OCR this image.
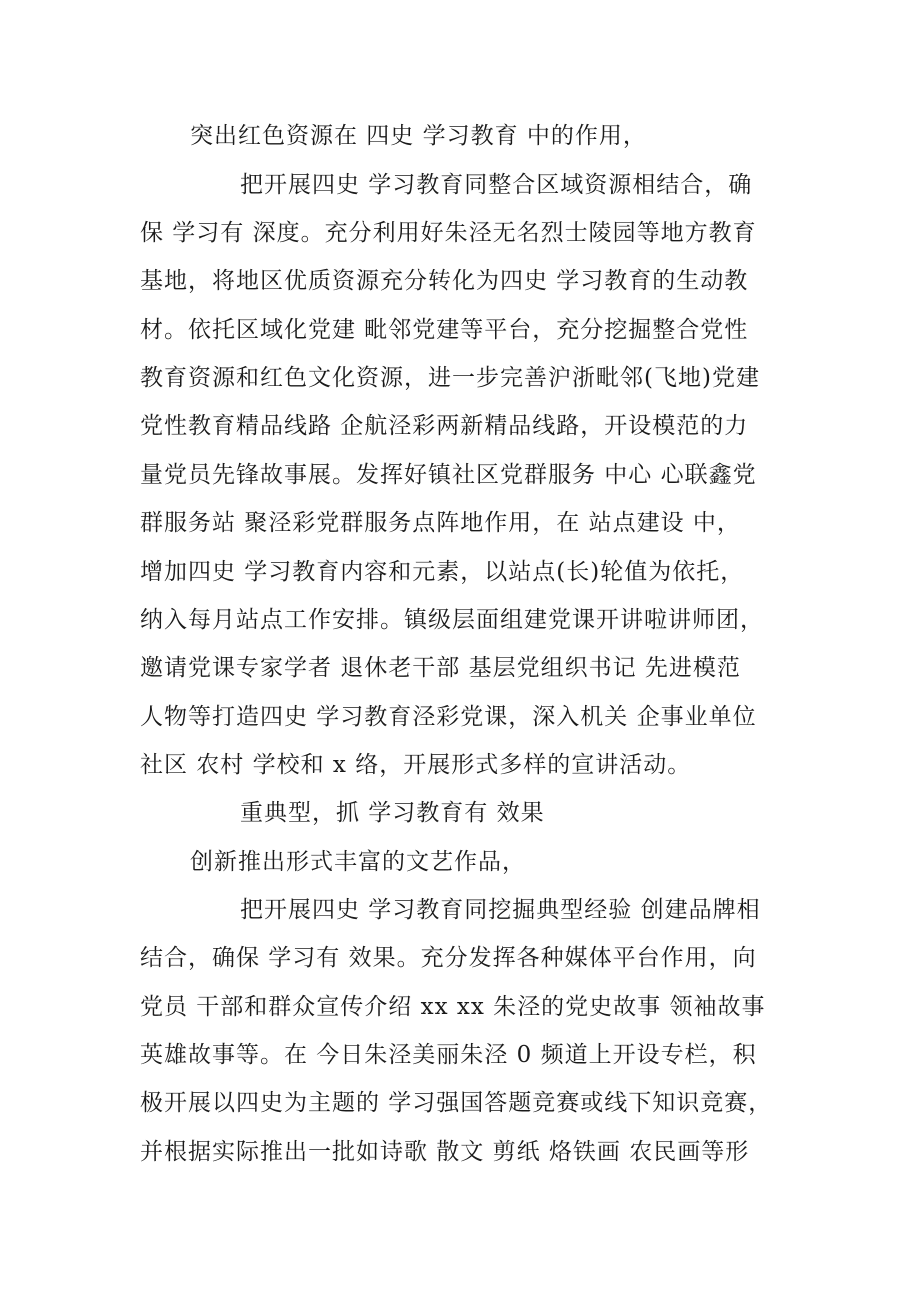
突出红色资源在 四史 学习教育 中的作用，
把开展四史 学习教育同整合区域资源相结合，确
保 学习有 深度。充分利用好朱泾无名烈士陵园等地方教育
基地，将地区优质资源充分转化为四史 学习教育的生动教
材。依托区域化党建 毗邻党建等平台，充分挖掘整合党性
教育资源和红色文化资源，进一步完善沪浙毗邻(飞地)党建
党性教育精品线路 企航泾彩两新精品线路，开设模范的力
量党员先锋故事展。发挥好镇社区党群服务 中心 心联鑫党
群服务站 聚泾彩党群服务点阵地作用，在 站点建设 中，
增加四史 学习教育内容和元素，以站点(长)轮值为依托，
纳入每月站点工作安排。镇级层面组建党课开讲啦讲师团，
邀请党课专家学者 退休老干部 基层党组织书记 先进模范
人物等打造四史 学习教育泾彩党课，深入机关 企事业单位
社区 农村 学校和 x 络，开展形式多样的宣讲活动。
重典型，抓 学习教育有 效果
创新推出形式丰富的文艺作品，
把开展四史 学习教育同挖掘典型经验 创建品牌相
结合，确保 学习有 效果。充分发挥各种媒体平台作用，向
党员 干部和群众宣传介绍 xx xx 朱泾的党史故事 领袖故事
英雄故事等。在 今日朱泾美丽朱泾 0 频道上开设专栏，积
极开展以四史为主题的 学习强国答题竞赛或线下知识竞赛，
并根据实际推出一批如诗歌 散文 剪纸 烙铁画 农民画等形
